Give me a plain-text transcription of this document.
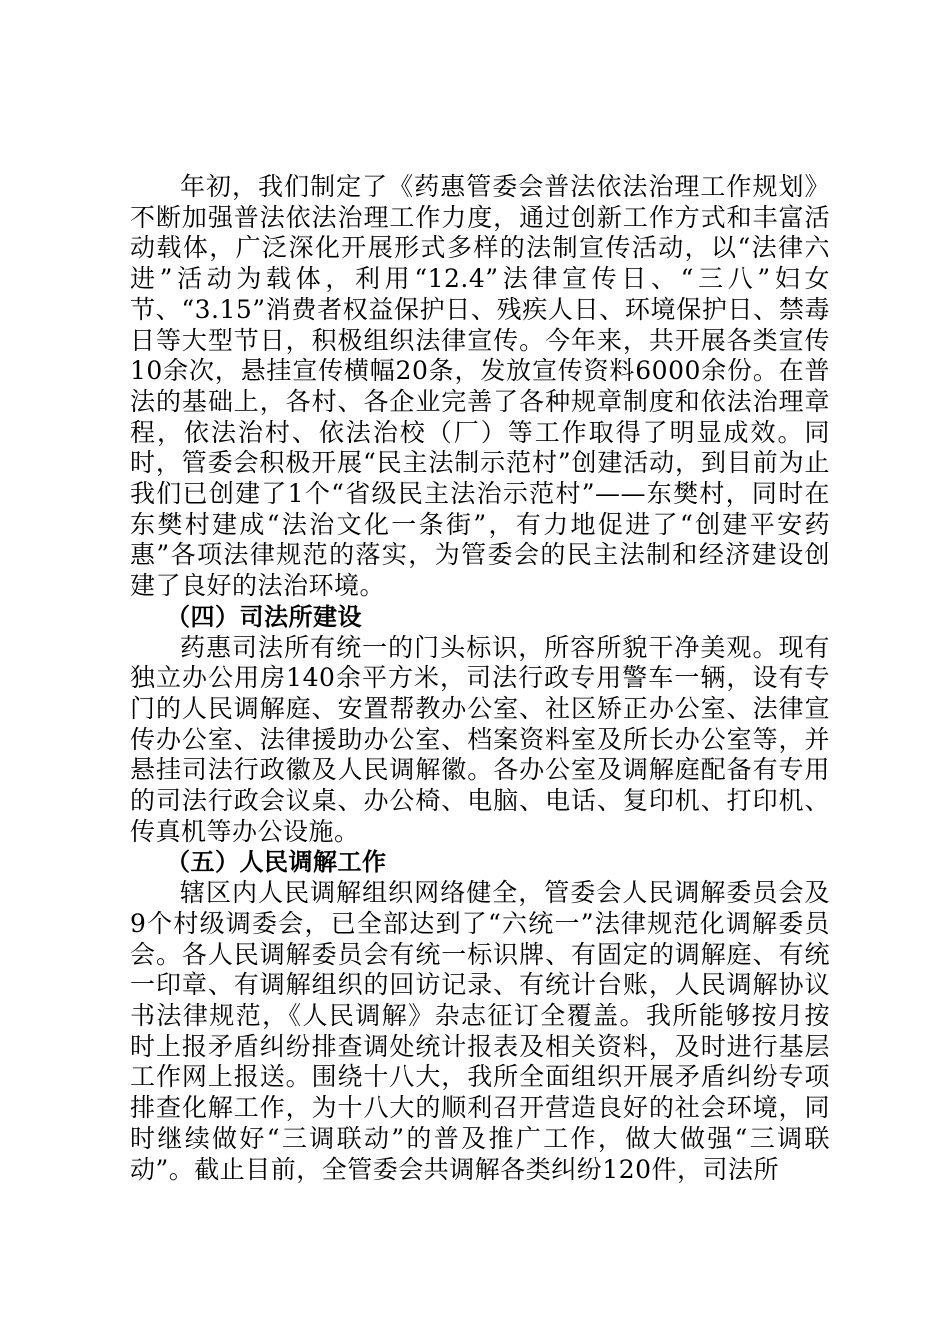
年初，我们制定了《药惠管委会普法依法治理工作规划》不断加强普法依法治理工作力度，通过创新工作方式和丰富活动载体，广泛深化开展形式多样的法制宣传活动，以“法律六进”活动为载体，利用“12.4”法律宣传日、“三八”妇女节、“3.15”消费者权益保护日、残疾人日、环境保护日、禁毒日等大型节日，积极组织法律宣传。今年来，共开展各类宣传10余次，悬挂宣传横幅20条，发放宣传资料6000余份。在普法的基础上，各村、各企业完善了各种规章制度和依法治理章程，依法治村、依法治校（厂）等工作取得了明显成效。同时，管委会积极开展“民主法制示范村”创建活动，到目前为止我们已创建了1个“省级民主法治示范村”——东樊村，同时在东樊村建成“法治文化一条街”，有力地促进了“创建平安药惠”各项法律规范的落实，为管委会的民主法制和经济建设创建了良好的法治环境。

（四）司法所建设

药惠司法所有统一的门头标识，所容所貌干净美观。现有独立办公用房140余平方米，司法行政专用警车一辆，设有专门的人民调解庭、安置帮教办公室、社区矫正办公室、法律宣传办公室、法律援助办公室、档案资料室及所长办公室等，并悬挂司法行政徽及人民调解徽。各办公室及调解庭配备有专用的司法行政会议桌、办公椅、电脑、电话、复印机、打印机、传真机等办公设施。

（五）人民调解工作

辖区内人民调解组织网络健全，管委会人民调解委员会及9个村级调委会，已全部达到了“六统一”法律规范化调解委员会。各人民调解委员会有统一标识牌、有固定的调解庭、有统一印章、有调解组织的回访记录、有统计台账，人民调解协议书法律规范，《人民调解》杂志征订全覆盖。我所能够按月按时上报矛盾纠纷排查调处统计报表及相关资料，及时进行基层工作网上报送。围绕十八大，我所全面组织开展矛盾纠纷专项排查化解工作，为十八大的顺利召开营造良好的社会环境，同时继续做好“三调联动”的普及推广工作，做大做强“三调联动”。截止目前，全管委会共调解各类纠纷120件，司法所
